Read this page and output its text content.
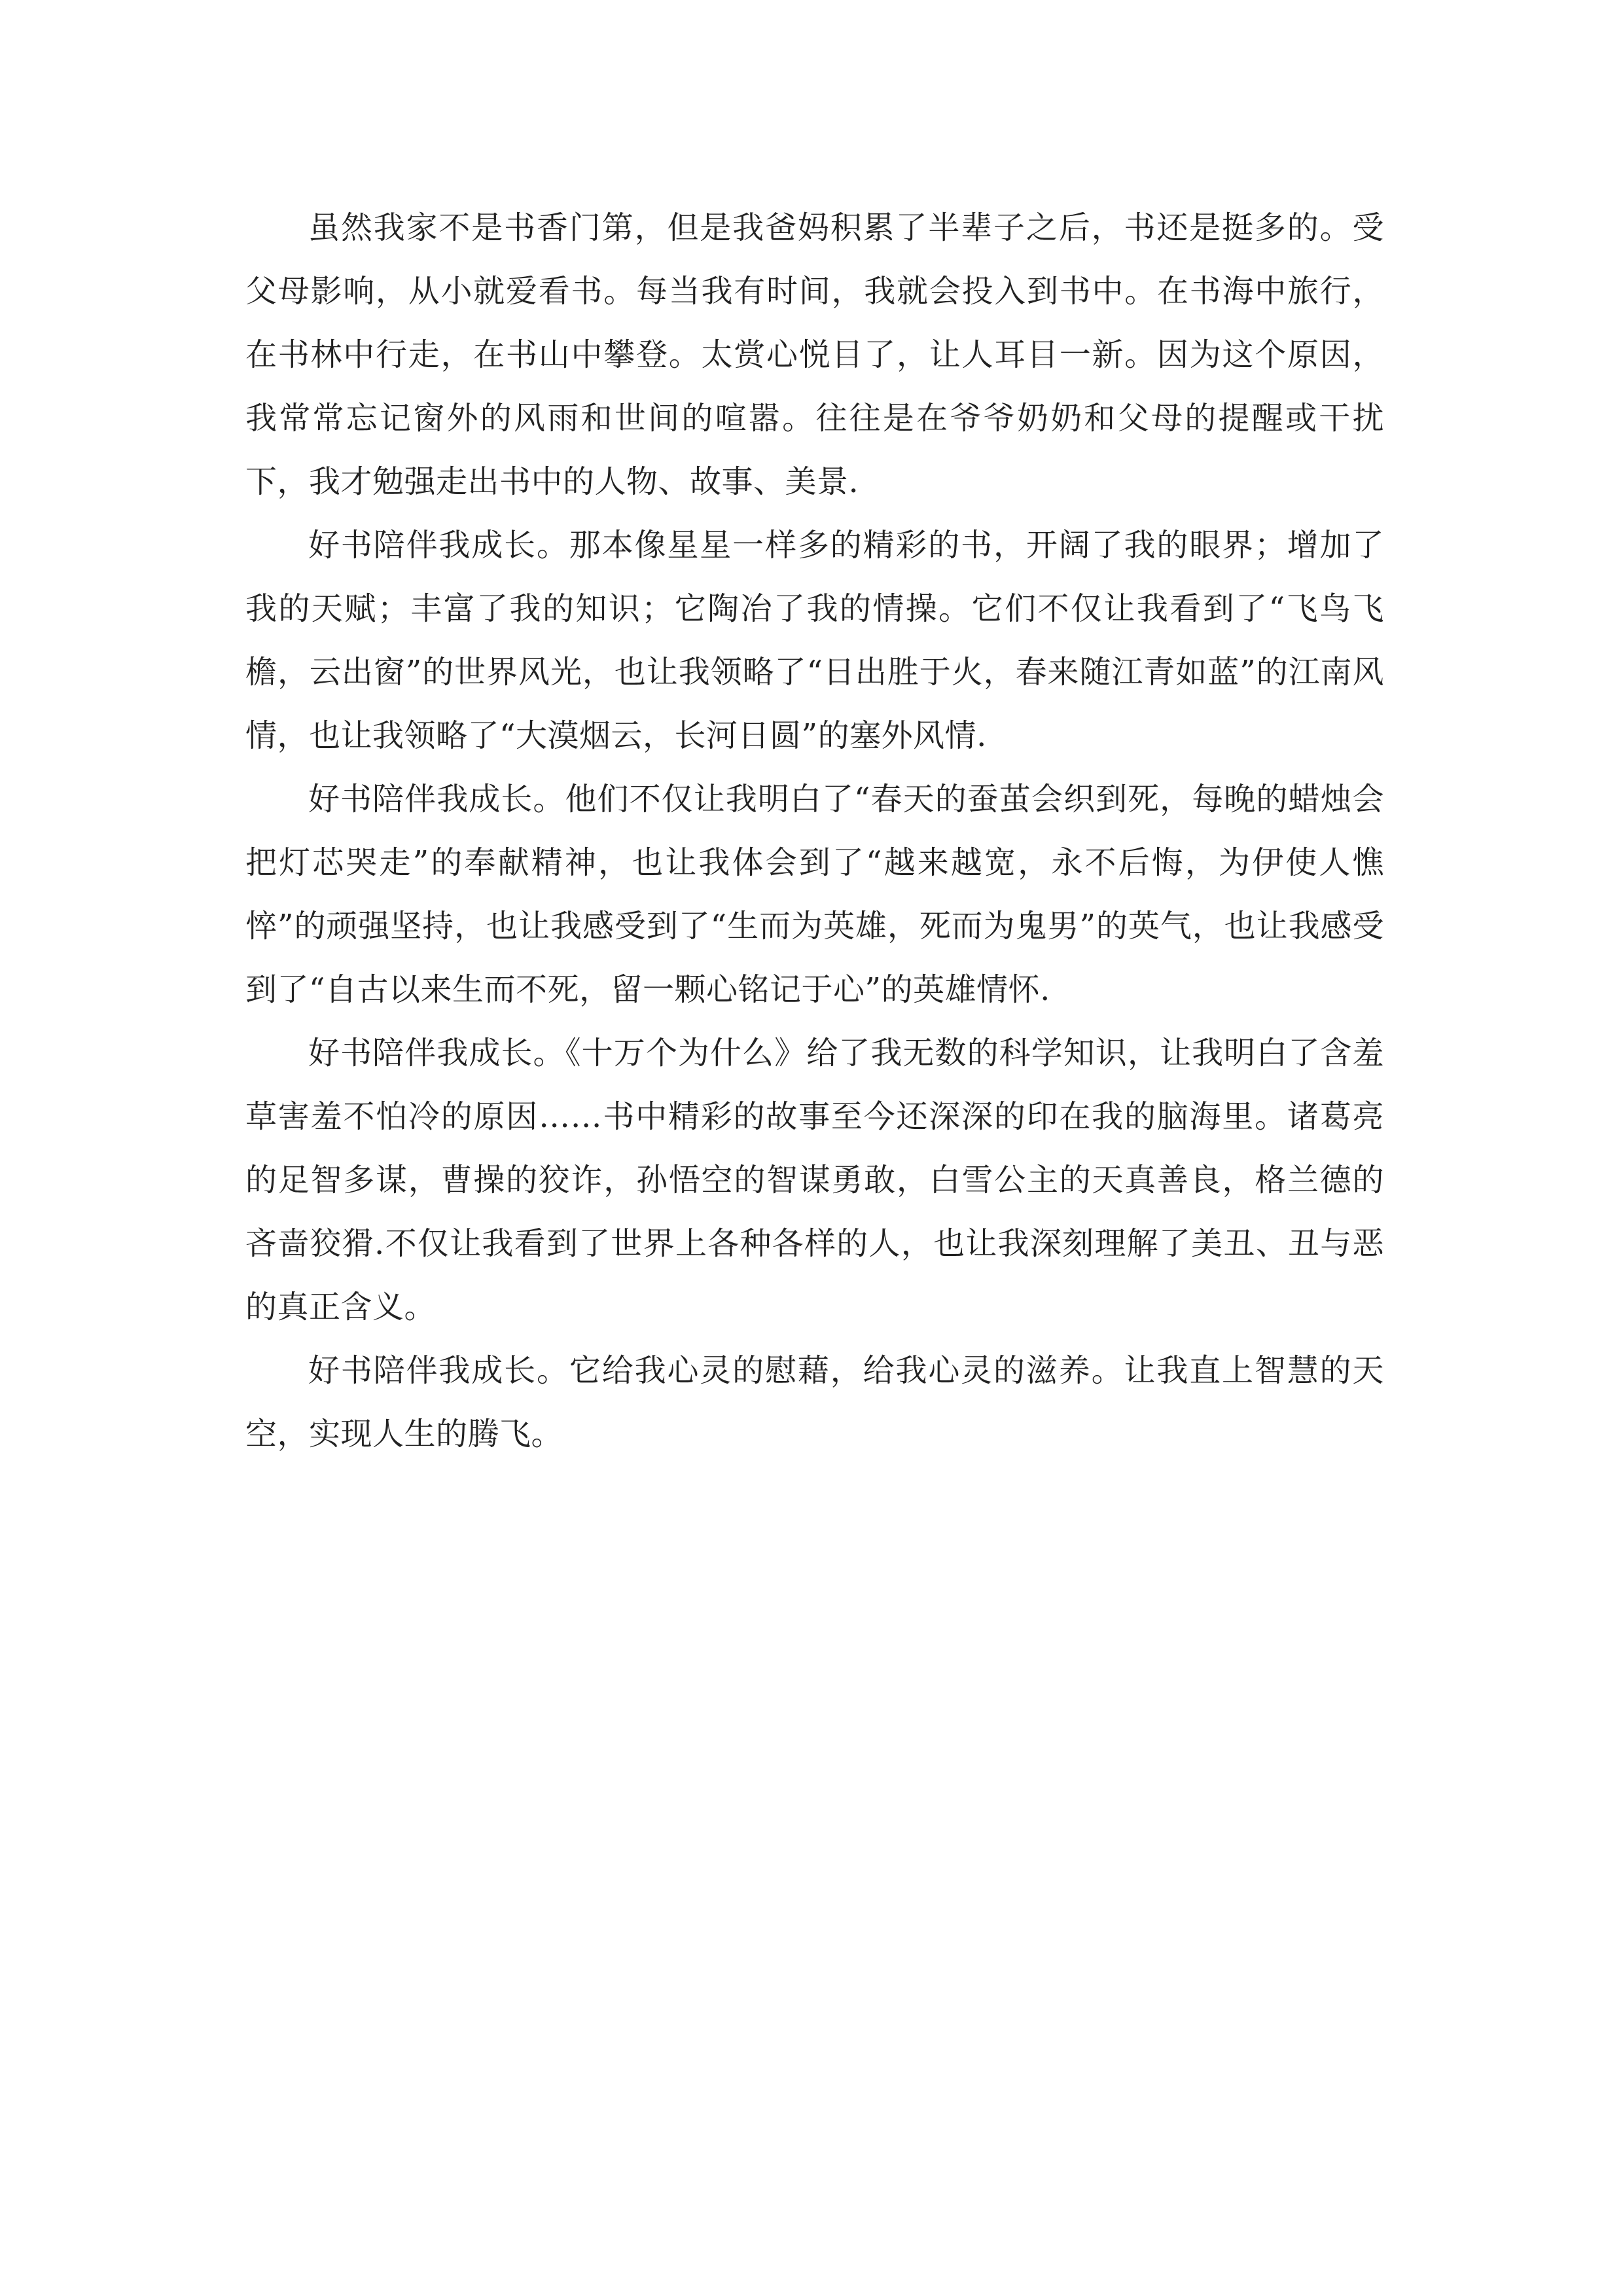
虽然我家不是书香门第，但是我爸妈积累了半辈子之后，书还是挺多的。受父母影响，从小就爱看书。每当我有时间，我就会投入到书中。在书海中旅行，在书林中行走，在书山中攀登。太赏心悦目了，让人耳目一新。因为这个原因，我常常忘记窗外的风雨和世间的喧嚣。往往是在爷爷奶奶和父母的提醒或干扰下，我才勉强走出书中的人物、故事、美景.

好书陪伴我成长。那本像星星一样多的精彩的书，开阔了我的眼界；增加了我的天赋；丰富了我的知识；它陶冶了我的情操。它们不仅让我看到了“飞鸟飞檐，云出窗”的世界风光，也让我领略了“日出胜于火，春来随江青如蓝”的江南风情，也让我领略了“大漠烟云，长河日圆”的塞外风情.

好书陪伴我成长。他们不仅让我明白了“春天的蚕茧会织到死，每晚的蜡烛会把灯芯哭走”的奉献精神，也让我体会到了“越来越宽，永不后悔，为伊使人憔悴”的顽强坚持，也让我感受到了“生而为英雄，死而为鬼男”的英气，也让我感受到了“自古以来生而不死，留一颗心铭记于心”的英雄情怀.

好书陪伴我成长。《十万个为什么》给了我无数的科学知识，让我明白了含羞草害羞不怕冷的原因……书中精彩的故事至今还深深的印在我的脑海里。诸葛亮的足智多谋，曹操的狡诈，孙悟空的智谋勇敢，白雪公主的天真善良，格兰德的吝啬狡猾.不仅让我看到了世界上各种各样的人，也让我深刻理解了美丑、丑与恶的真正含义。

好书陪伴我成长。它给我心灵的慰藉，给我心灵的滋养。让我直上智慧的天空，实现人生的腾飞。
